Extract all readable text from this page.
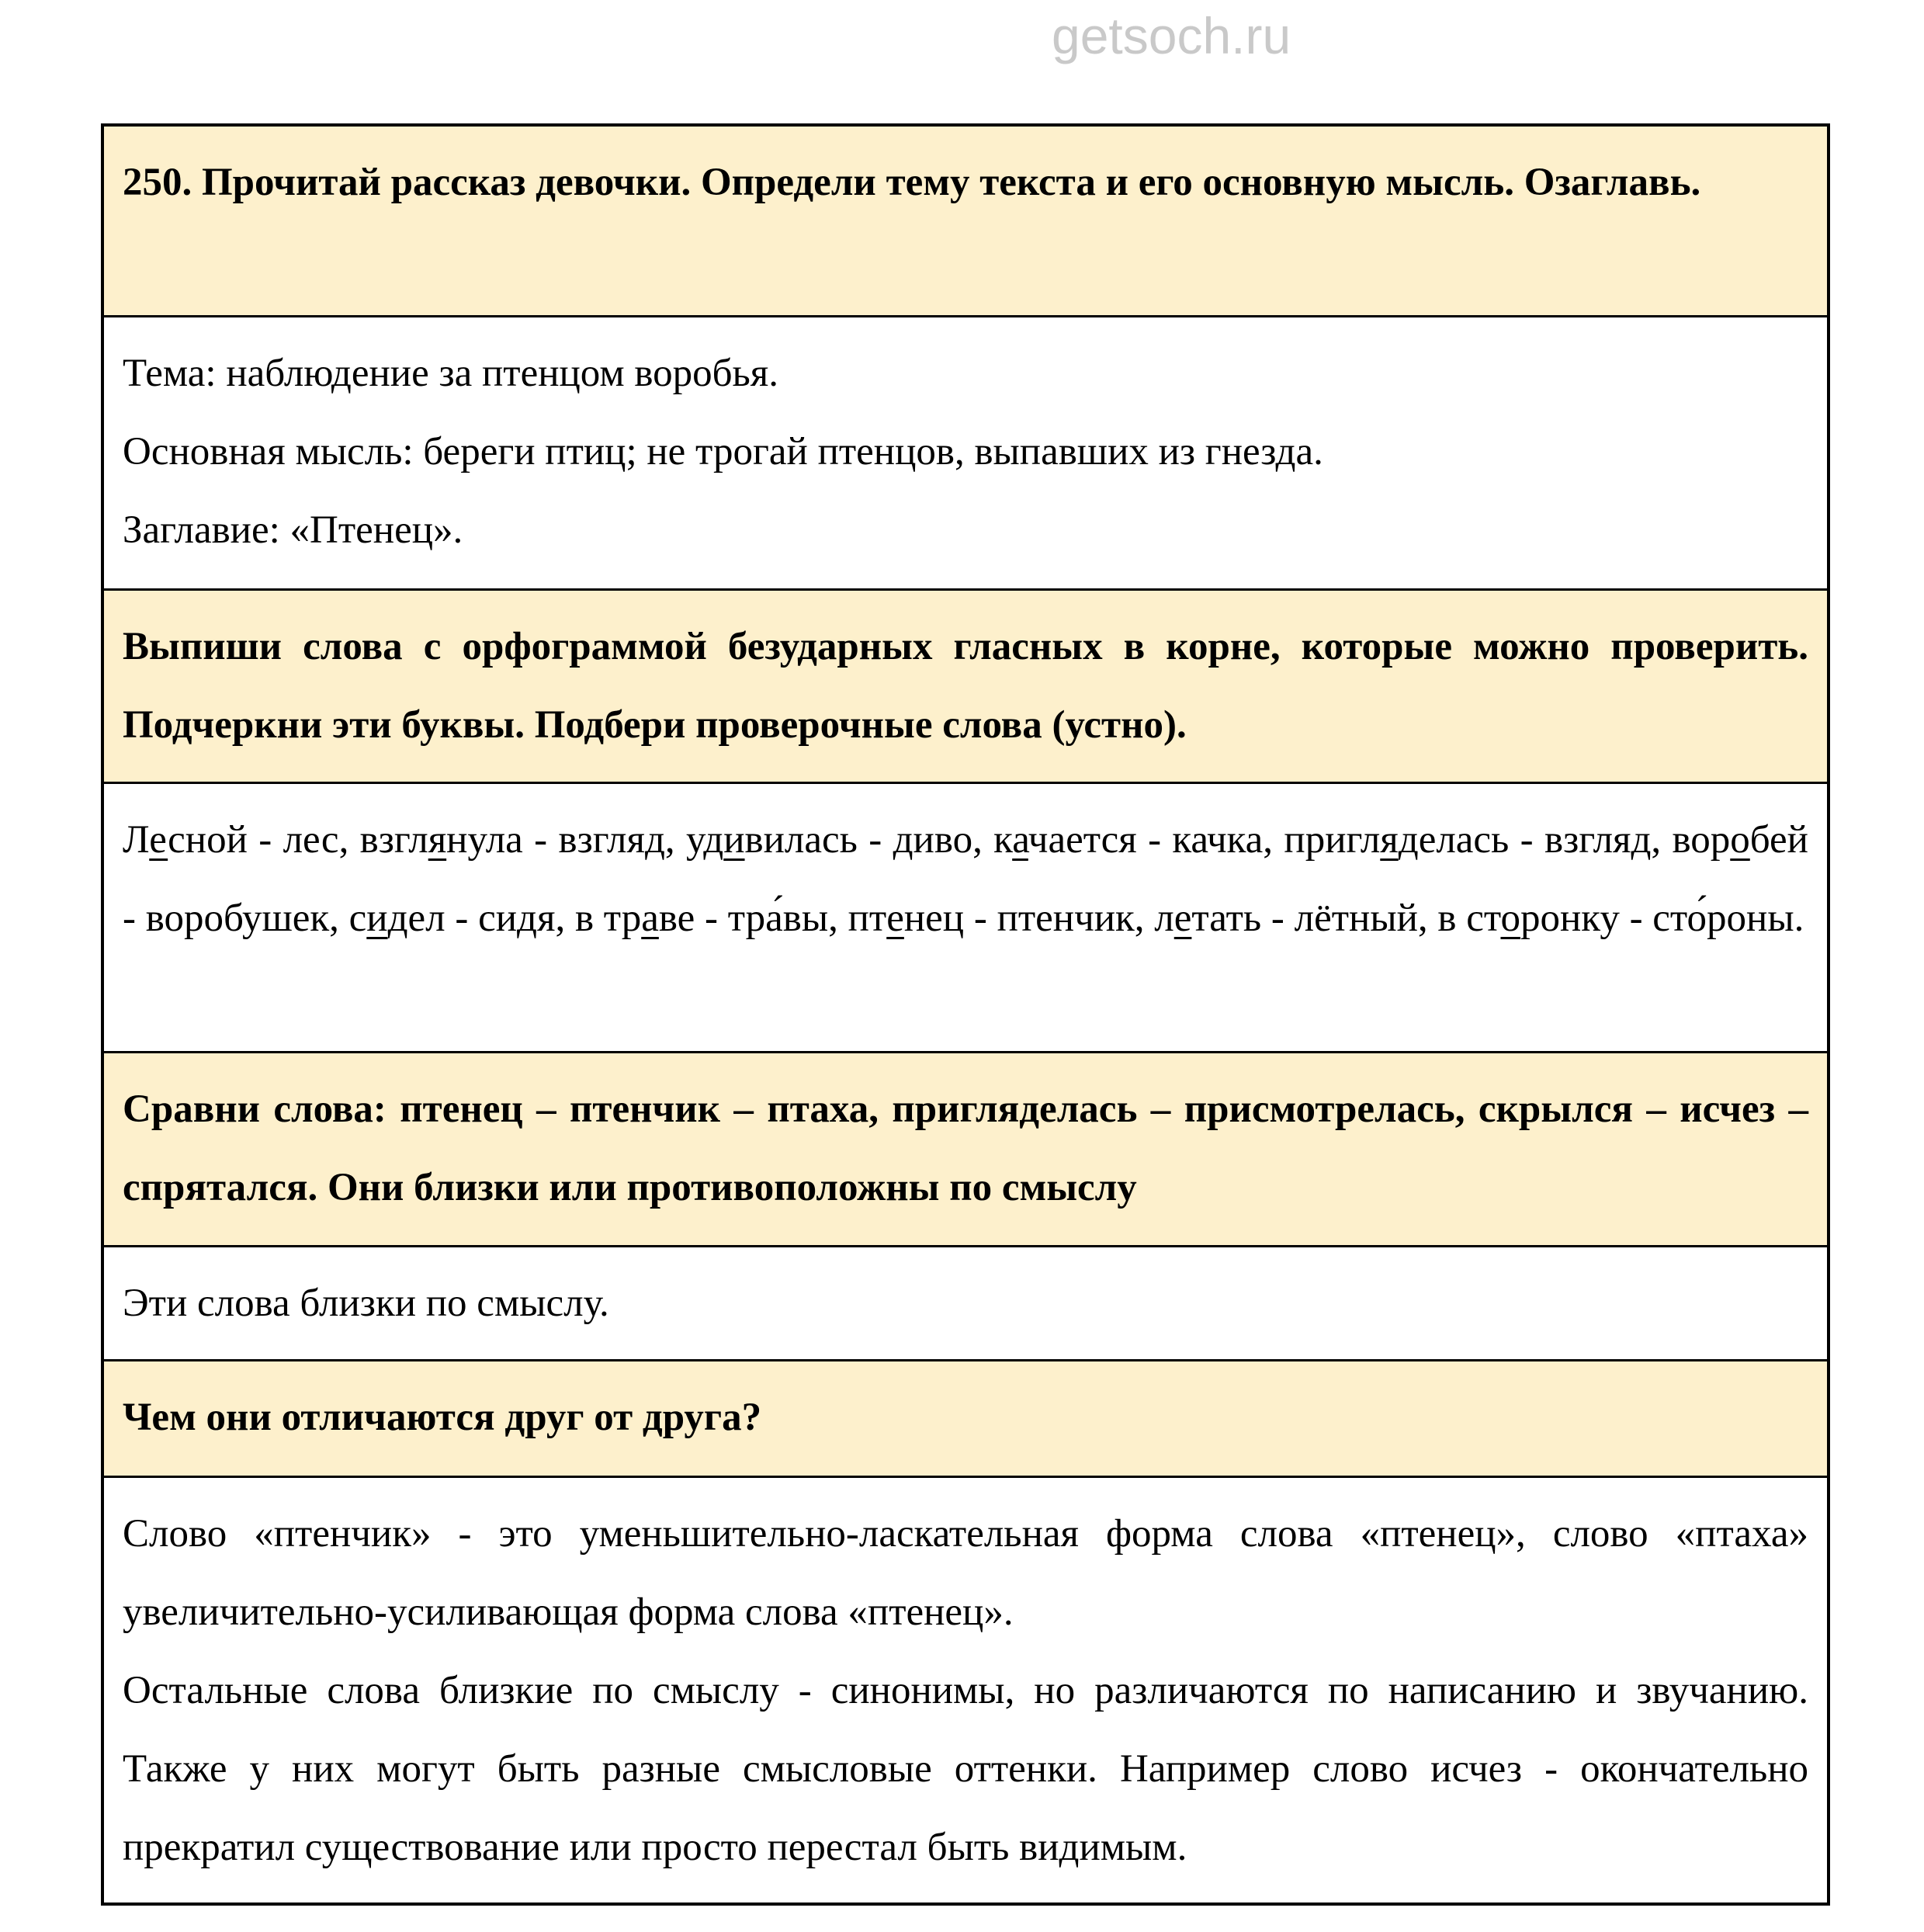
getsoch.ru

250. Прочитай рассказ девочки. Определи тему текста и его основную мысль. Озаглавь.

Тема: наблюдение за птенцом воробья.

Основная мысль: береги птиц; не трогай птенцов, выпавших из гнезда.

Заглавие: «Птенец».

Выпиши слова с орфограммой безударных гласных в корне, которые можно проверить. Подчеркни эти буквы. Подбери проверочные слова (устно).

Лесной - лес, взглянула - взгляд, удивилась - диво, качается - качка, пригляделась - взгляд, воробей - воробушек, сидел - сидя, в траве - тра́вы, птенец - птенчик, летать - лётный, в сторонку - сто́роны.

Сравни слова: птенец – птенчик – птаха, пригляделась – присмотрелась, скрылся – исчез – спрятался. Они близки или противоположны по смыслу

Эти слова близки по смыслу.

Чем они отличаются друг от друга?

Слово «птенчик» - это уменьшительно-ласкательная форма слова «птенец», слово «птаха» увеличительно-усиливающая форма слова «птенец».

Остальные слова близкие по смыслу - синонимы, но различаются по написанию и звучанию. Также у них могут быть разные смысловые оттенки. Например слово исчез - окончательно прекратил существование или просто перестал быть видимым.
